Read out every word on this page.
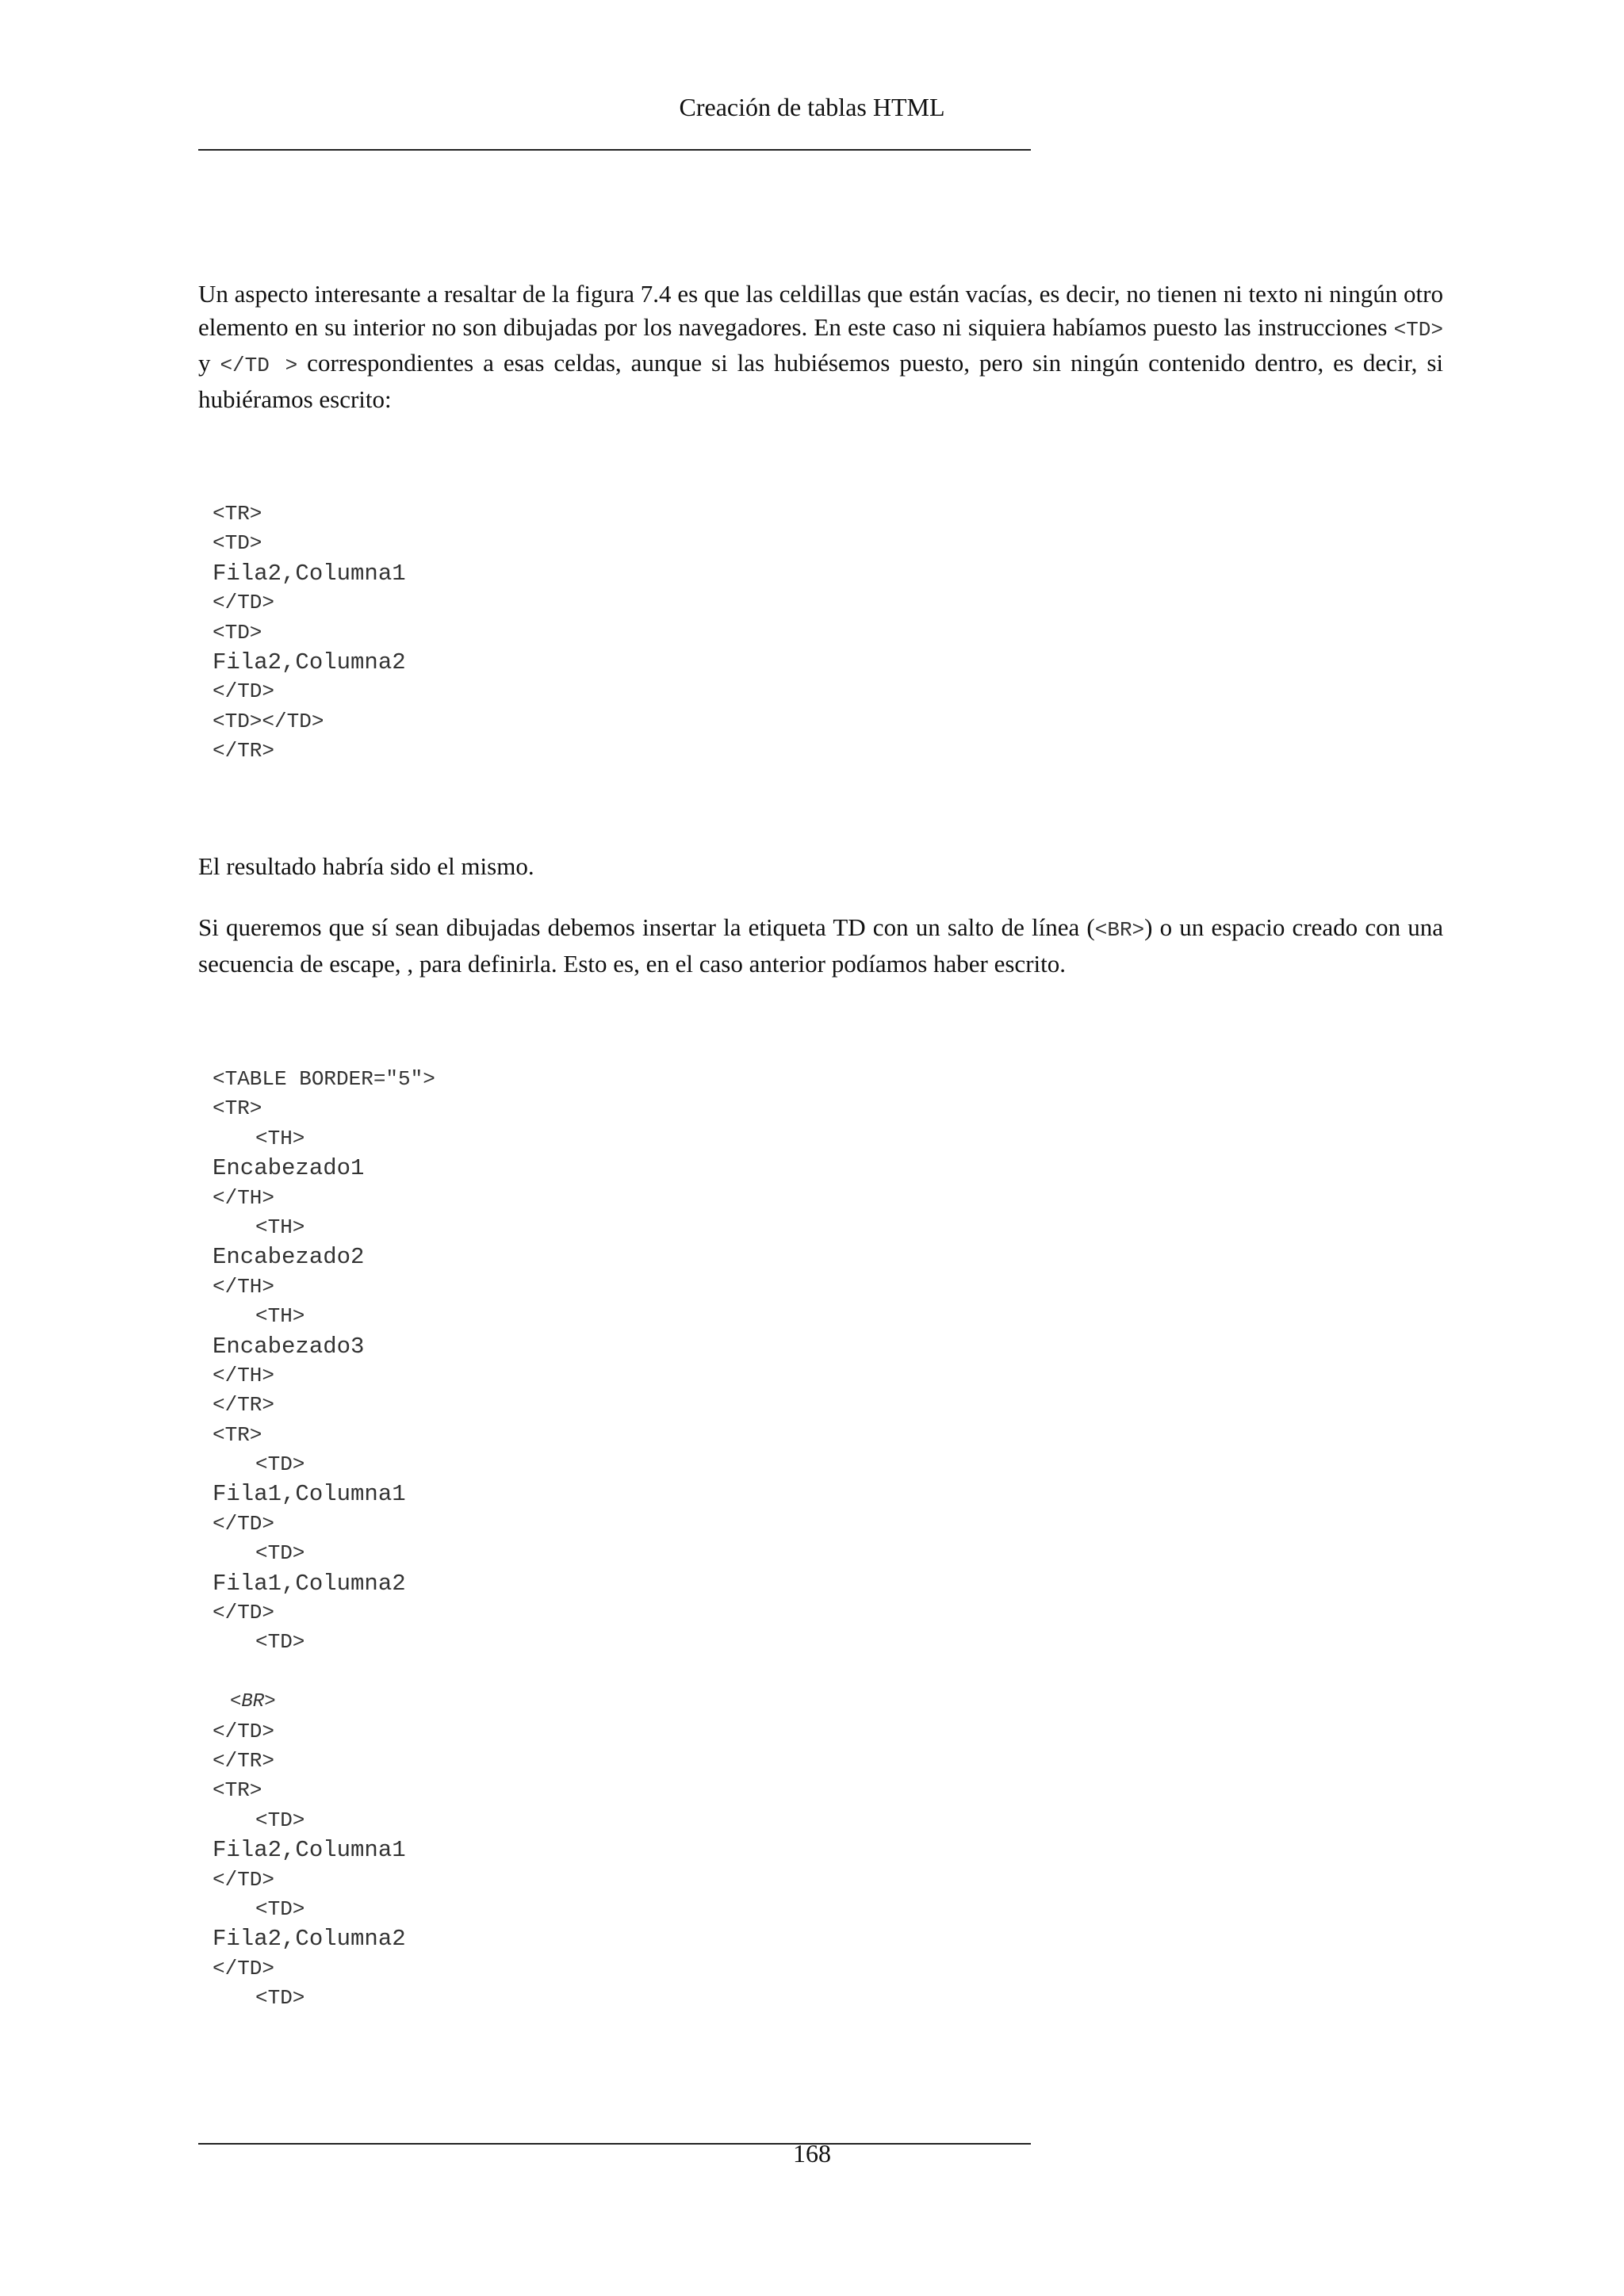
Creación de tablas HTML

Un aspecto interesante a resaltar de la figura 7.4 es que las celdillas que están vacías, es decir, no tienen ni texto ni ningún otro elemento en su interior no son dibujadas por los navegadores. En este caso ni siquiera habíamos puesto las instrucciones <TD> y </TD > correspondientes a esas celdas, aunque si las hubiésemos puesto, pero sin ningún contenido dentro, es decir, si hubiéramos escrito:

<TR>
<TD>
Fila2,Columna1
</TD>
<TD>
Fila2,Columna2
</TD>
<TD></TD>
</TR>

El resultado habría sido el mismo.

Si queremos que sí sean dibujadas debemos insertar la etiqueta TD con un salto de línea (<BR>) o un espacio creado con una secuencia de escape, , para definirla. Esto es, en el caso anterior podíamos haber escrito.

<TABLE BORDER="5">
<TR>
<TH>
Encabezado1
</TH>
<TH>
Encabezado2
</TH>
<TH>
Encabezado3
</TH>
</TR>
<TR>
<TD>
Fila1,Columna1
</TD>
<TD>
Fila1,Columna2
</TD>
<TD>
<BR>
</TD>
</TR>
<TR>
<TD>
Fila2,Columna1
</TD>
<TD>
Fila2,Columna2
</TD>
<TD>
168
